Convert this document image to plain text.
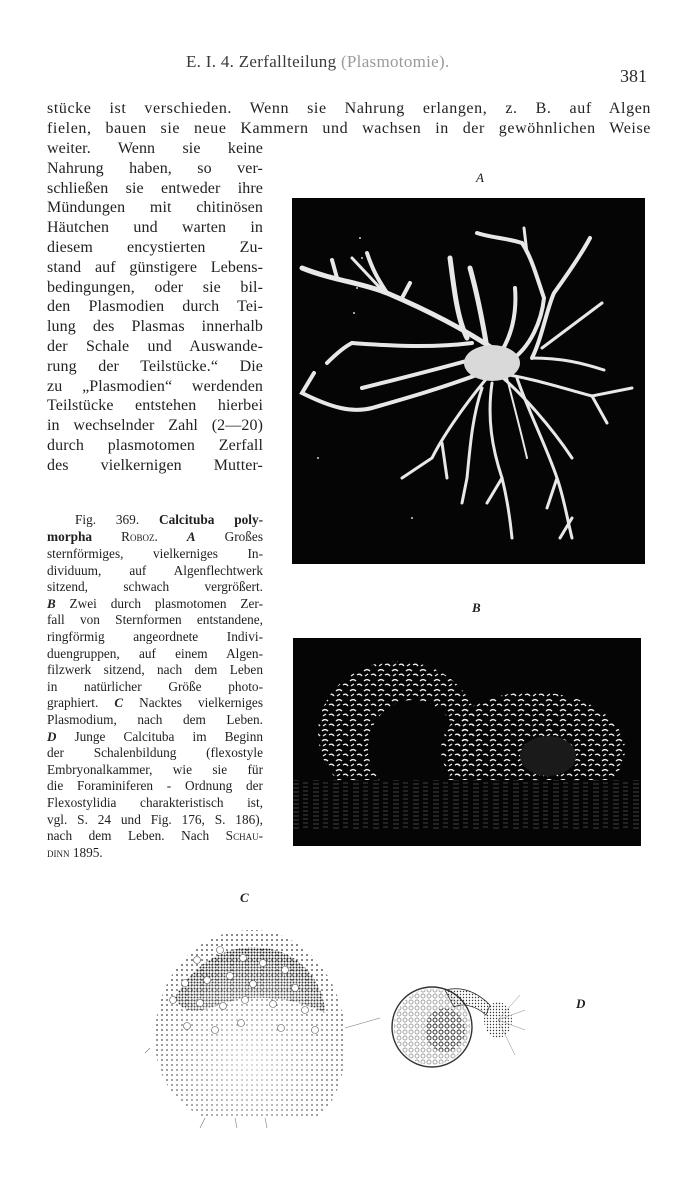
E. I. 4. Zerfallteilung (Plasmotomie).
381
stücke ist verschieden. Wenn sie Nahrung erlangen, z. B. auf Algen
fielen, bauen sie neue Kammern und wachsen in der gewöhnlichen Weise
weiter. Wenn sie keine
Nahrung haben, so ver-
schließen sie entweder ihre
Mündungen mit chitinösen
Häutchen und warten in
diesem encystierten Zu-
stand auf günstigere Lebens-
bedingungen, oder sie bil-
den Plasmodien durch Tei-
lung des Plasmas innerhalb
der Schale und Auswande-
rung der Teilstücke.“ Die
zu „Plasmodien“ werdenden
Teilstücke entstehen hierbei
in wechselnder Zahl (2—20)
durch plasmotomen Zerfall
des vielkernigen Mutter-
Fig. 369. Calcituba poly-
morpha Roboz. A Großes
sternförmiges, vielkerniges In-
dividuum, auf Algenflechtwerk
sitzend, schwach vergrößert.
B Zwei durch plasmotomen Zer-
fall von Sternformen entstandene,
ringförmig angeordnete Indivi-
duengruppen, auf einem Algen-
filzwerk sitzend, nach dem Leben
in natürlicher Größe photo-
graphiert. C Nacktes vielkerniges
Plasmodium, nach dem Leben.
D Junge Calcituba im Beginn
der Schalenbildung (flexostyle
Embryonalkammer, wie sie für
die Foraminiferen - Ordnung der
Flexostylidia charakteristisch ist,
vgl. S. 24 und Fig. 176, S. 186),
nach dem Leben. Nach Schau-
dinn 1895.
A
B
C
D
